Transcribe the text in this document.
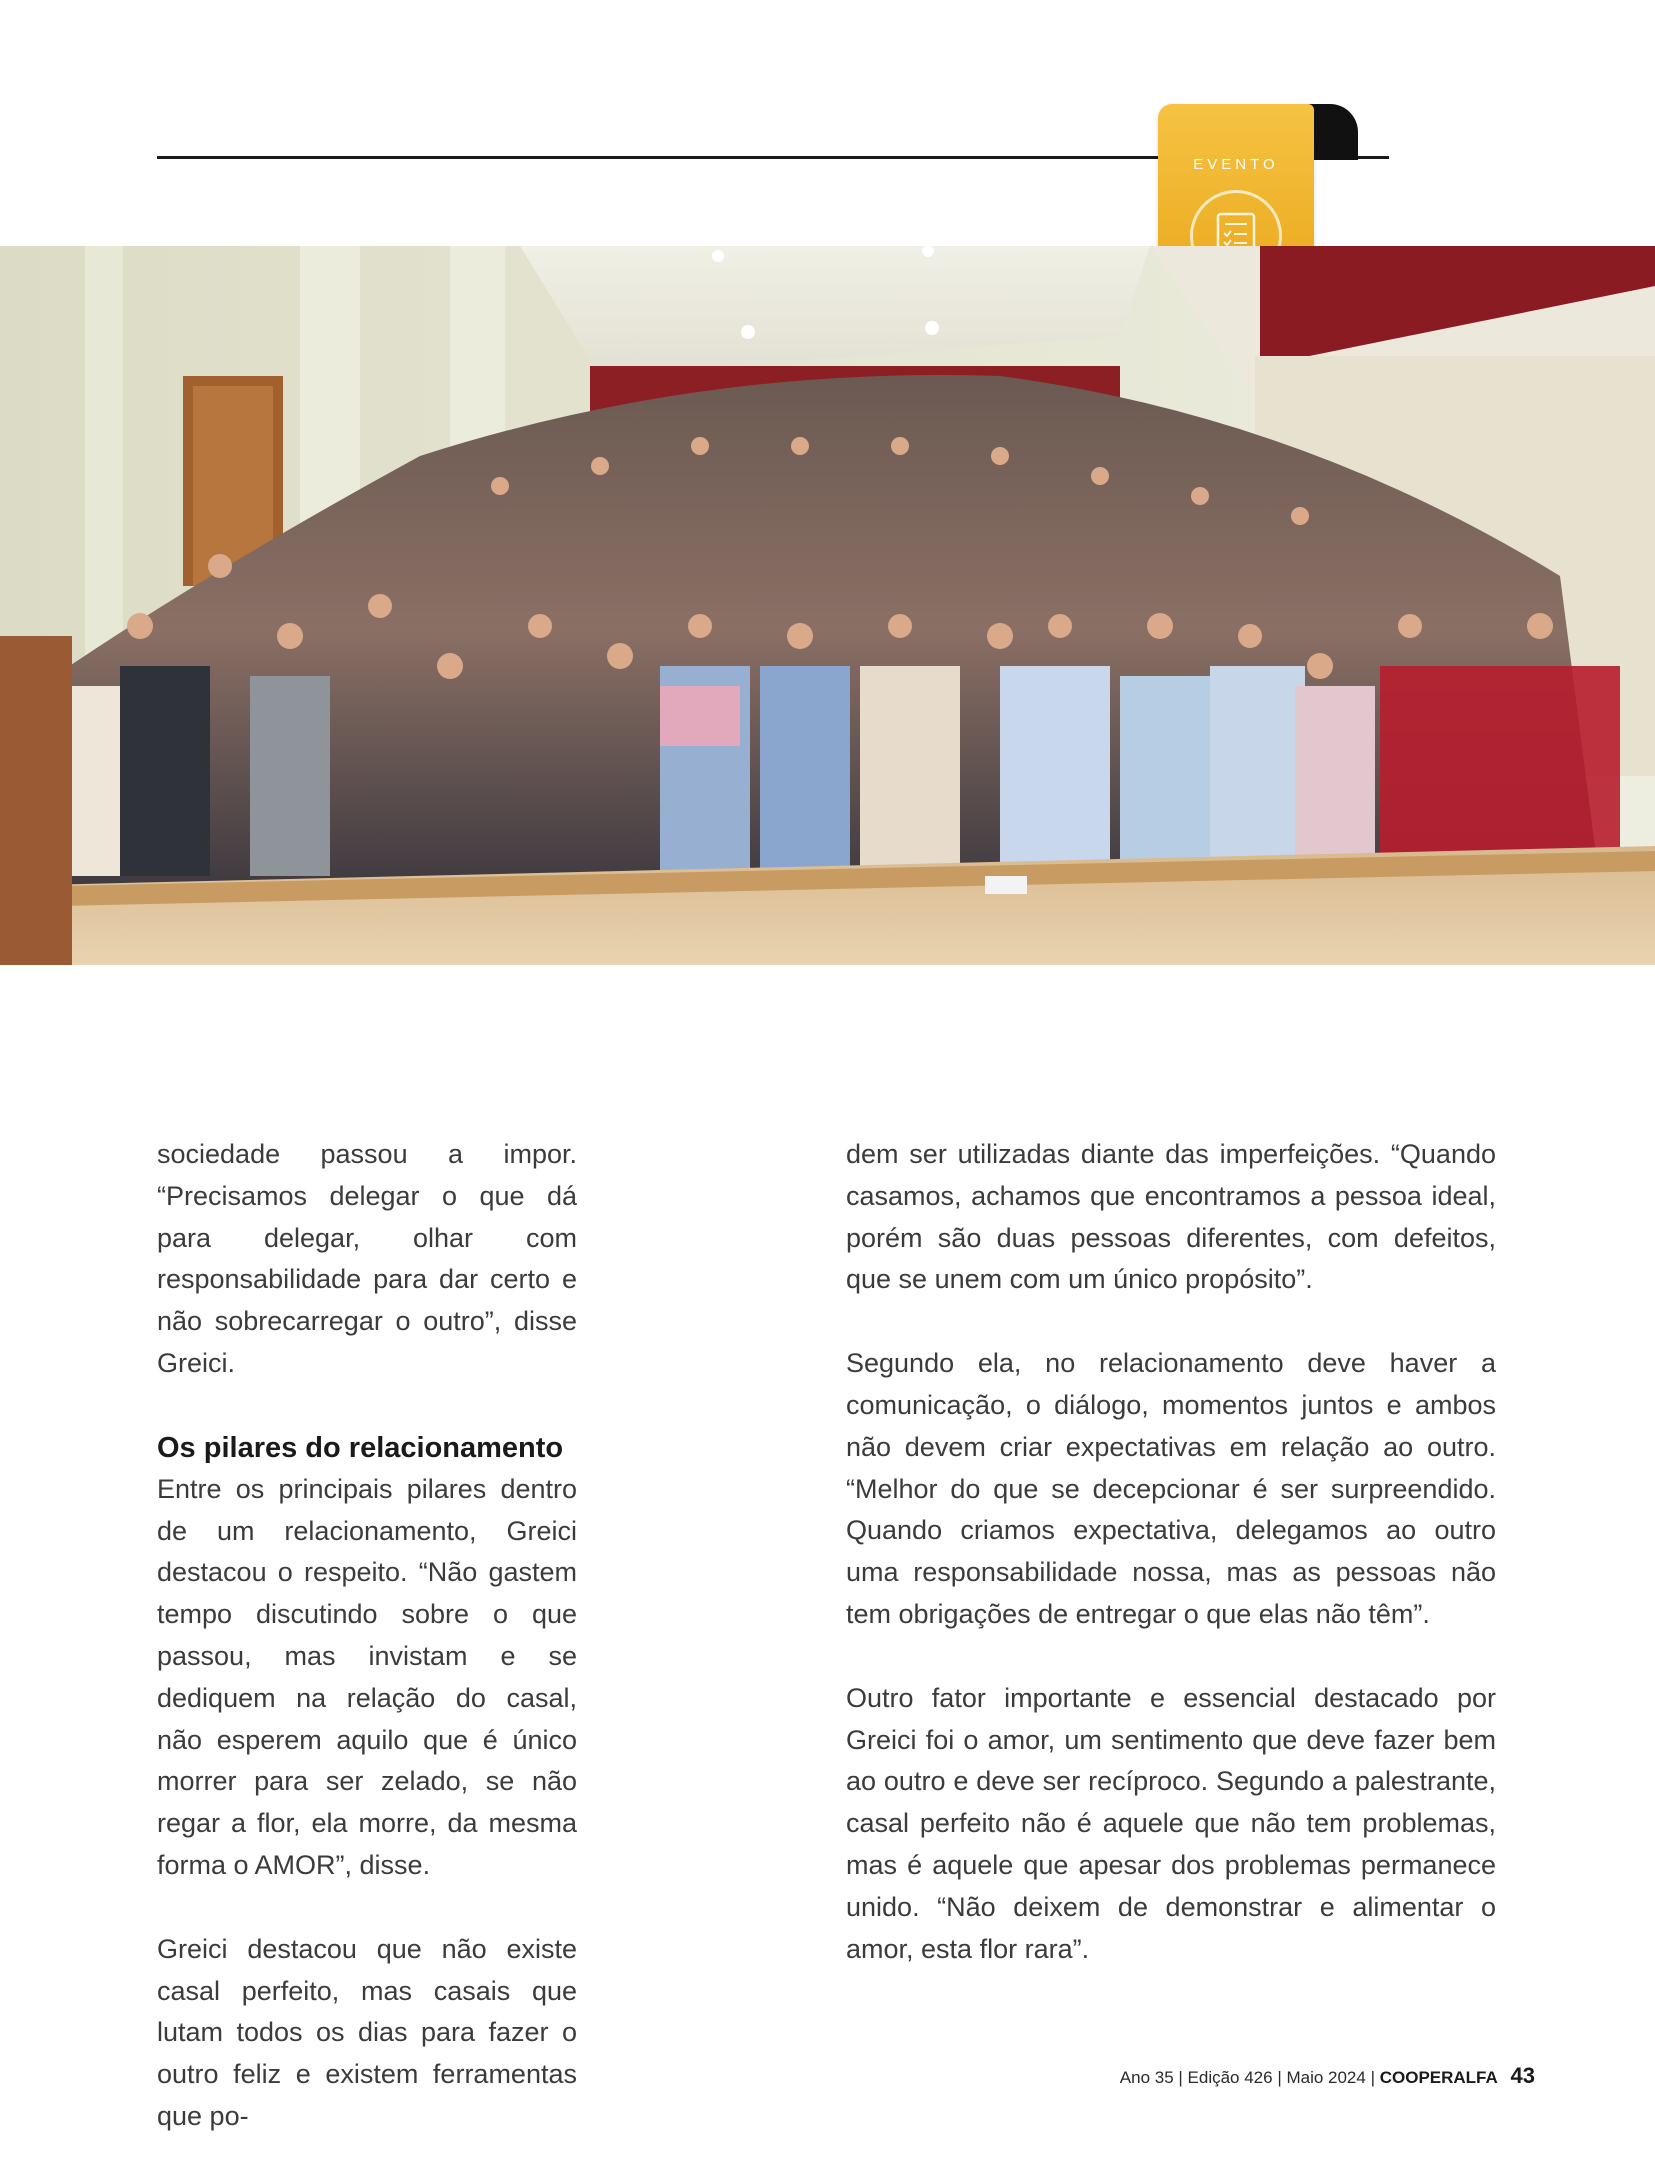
EVENTO

sociedade passou a impor. “Precisamos delegar o que dá para delegar, olhar com responsabilidade para dar certo e não sobrecarregar o outro”, disse Greici.

Os pilares do relacionamento

Entre os principais pilares dentro de um relacionamento, Greici destacou o respeito. “Não gastem tempo discutindo sobre o que passou, mas invistam e se dediquem na relação do casal, não esperem aquilo que é único morrer para ser zelado, se não regar a flor, ela morre, da mesma forma o AMOR”, disse.

Greici destacou que não existe casal perfeito, mas casais que lutam todos os dias para fazer o outro feliz e existem ferramentas que po-

dem ser utilizadas diante das imperfeições. “Quando casamos, achamos que encontramos a pessoa ideal, porém são duas pessoas diferentes, com defeitos, que se unem com um único propósito”.

Segundo ela, no relacionamento deve haver a comunicação, o diálogo, momentos juntos e ambos não devem criar expectativas em relação ao outro. “Melhor do que se decepcionar é ser surpreendido. Quando criamos expectativa, delegamos ao outro uma responsabilidade nossa, mas as pessoas não tem obrigações de entregar o que elas não têm”.

Outro fator importante e essencial destacado por Greici foi o amor, um sentimento que deve fazer bem ao outro e deve ser recíproco. Segundo a palestrante, casal perfeito não é aquele que não tem problemas, mas é aquele que apesar dos problemas permanece unido. “Não deixem de demonstrar e alimentar o amor, esta flor rara”.

Ano 35 | Edição 426 | Maio 2024 | COOPERALFA 43
